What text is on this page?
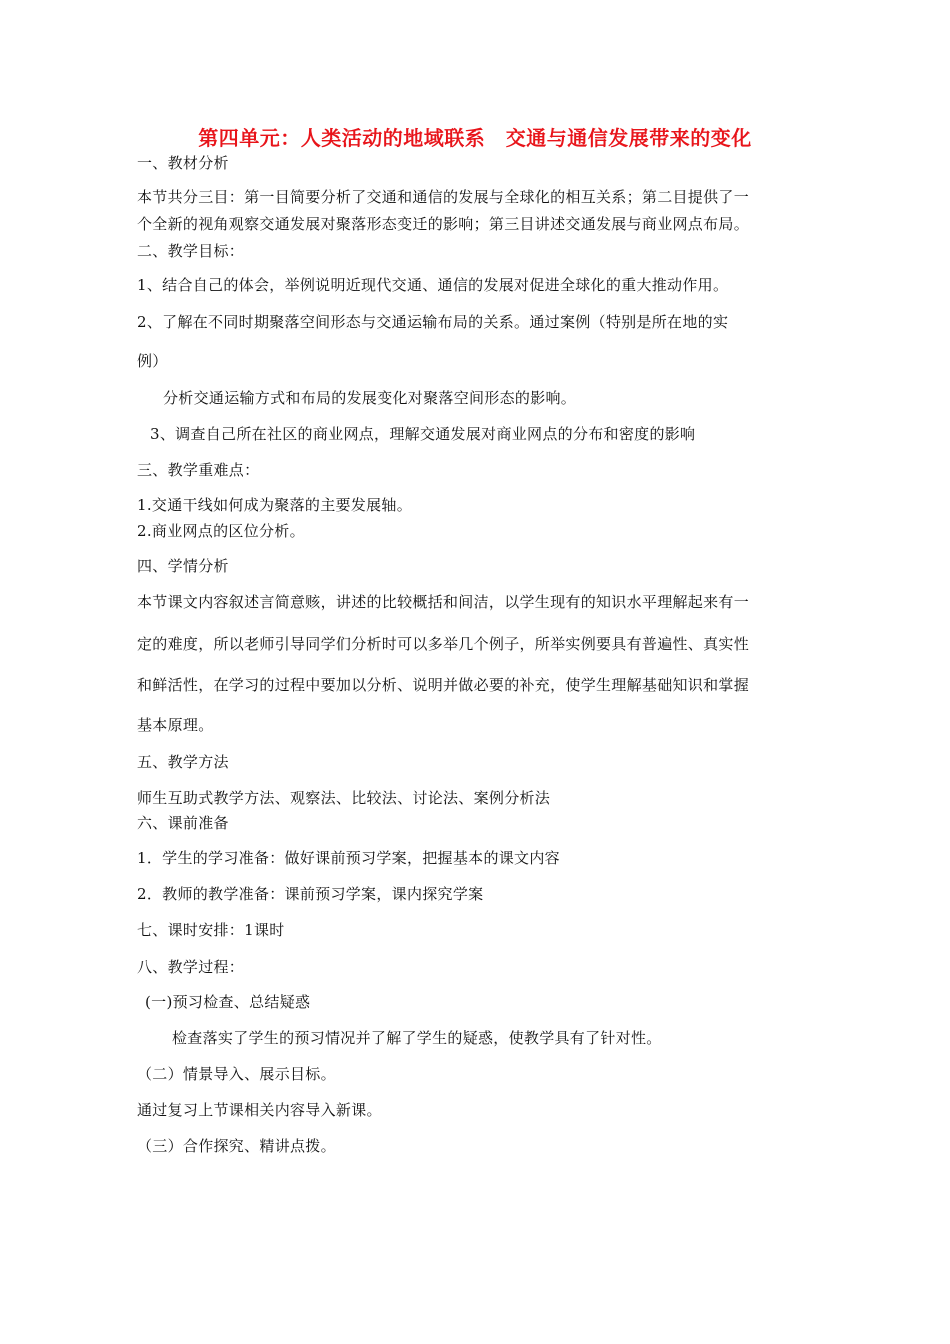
第四单元：人类活动的地域联系　交通与通信发展带来的变化
一、教材分析
本节共分三目：第一目简要分析了交通和通信的发展与全球化的相互关系；第二目提供了一
个全新的视角观察交通发展对聚落形态变迁的影响；第三目讲述交通发展与商业网点布局。
二、教学目标：
1、结合自己的体会，举例说明近现代交通、通信的发展对促进全球化的重大推动作用。
2、了解在不同时期聚落空间形态与交通运输布局的关系。通过案例（特别是所在地的实
例）
分析交通运输方式和布局的发展变化对聚落空间形态的影响。
3、调查自己所在社区的商业网点，理解交通发展对商业网点的分布和密度的影响
三、教学重难点：
1.交通干线如何成为聚落的主要发展轴。
2.商业网点的区位分析。
四、学情分析
本节课文内容叙述言简意赅，讲述的比较概括和间洁，以学生现有的知识水平理解起来有一
定的难度，所以老师引导同学们分析时可以多举几个例子，所举实例要具有普遍性、真实性
和鲜活性，在学习的过程中要加以分析、说明并做必要的补充，使学生理解基础知识和掌握
基本原理。
五、教学方法
师生互助式教学方法、观察法、比较法、讨论法、案例分析法
六、课前准备
1．学生的学习准备：做好课前预习学案，把握基本的课文内容
2．教师的教学准备：课前预习学案，课内探究学案
七、课时安排：1课时
八、教学过程：
(一)预习检查、总结疑惑
检查落实了学生的预习情况并了解了学生的疑惑，使教学具有了针对性。
（二）情景导入、展示目标。
通过复习上节课相关内容导入新课。
（三）合作探究、精讲点拨。
